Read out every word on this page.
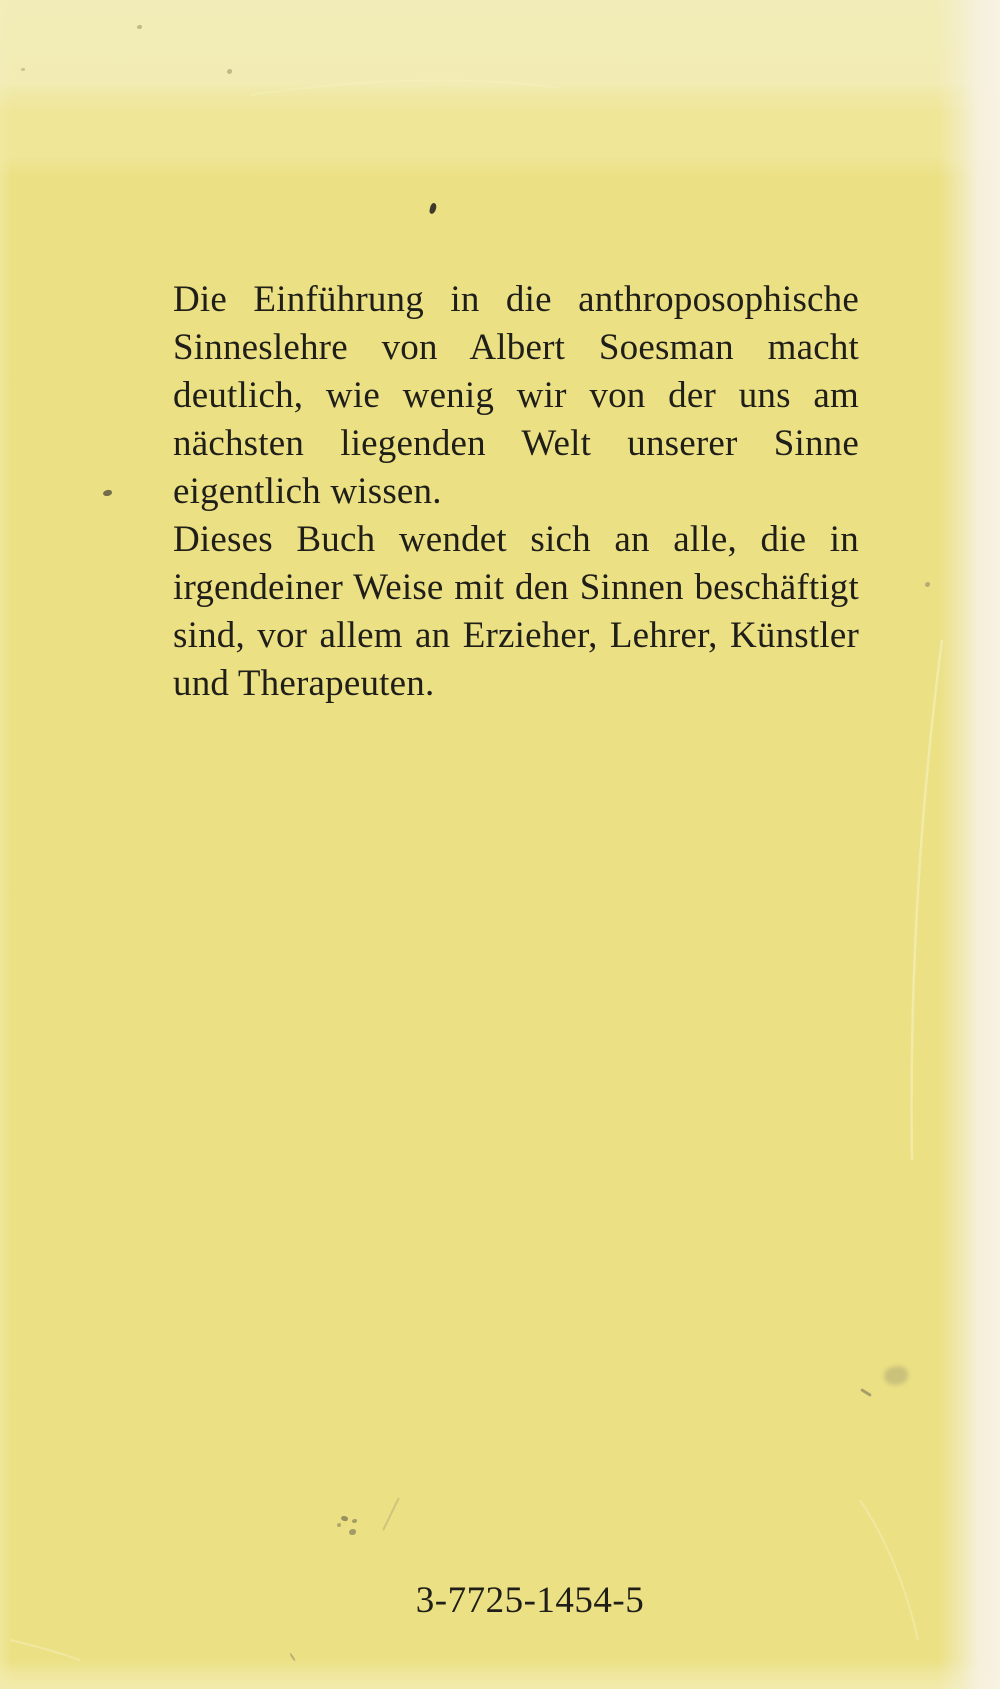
Die Einführung in die anthroposophische
Sinneslehre von Albert Soesman macht
deutlich, wie wenig wir von der uns am
nächsten liegenden Welt unserer Sinne
eigentlich wissen.
Dieses Buch wendet sich an alle, die in
irgendeiner Weise mit den Sinnen beschäftigt
sind, vor allem an Erzieher, Lehrer, Künstler
und Therapeuten.
3-7725-1454-5
